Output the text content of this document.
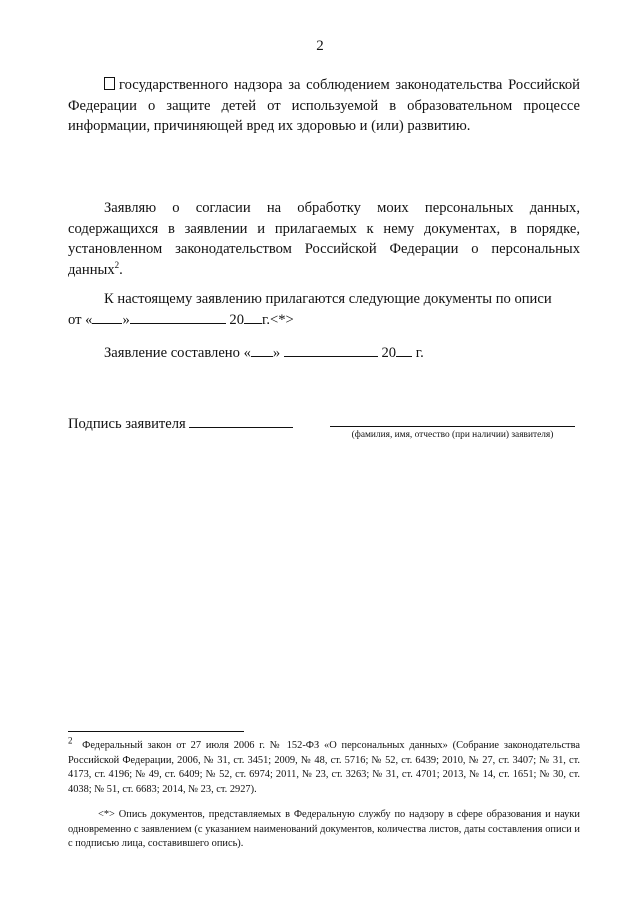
2
государственного надзора за соблюдением законодательства Российской Федерации о защите детей от используемой в образовательном процессе информации, причиняющей вред их здоровью и (или) развитию.
Заявляю о согласии на обработку моих персональных данных, содержащихся в заявлении и прилагаемых к нему документах, в порядке, установленном законодательством Российской Федерации о персональных данных$^2$.
К настоящему заявлению прилагаются следующие документы по описи
от « »	20 г.<*>
Заявление составлено « »	20 г.
Подпись заявителя
(фамилия, имя, отчество (при наличии) заявителя)
$^2$ Федеральный закон от 27 июля 2006 г. № 152-ФЗ «О персональных данных» (Собрание законодательства Российской Федерации, 2006, № 31, ст. 3451; 2009, № 48, ст. 5716; № 52, ст. 6439; 2010, № 27, ст. 3407; № 31, ст. 4173, ст. 4196; № 49, ст. 6409; № 52, ст. 6974; 2011, № 23, ст. 3263; № 31, ст. 4701; 2013, № 14, ст. 1651; № 30, ст. 4038; № 51, ст. 6683; 2014, № 23, ст. 2927).
<*> Опись документов, представляемых в Федеральную службу по надзору в сфере образования и науки одновременно с заявлением (с указанием наименований документов, количества листов, даты составления описи и с подписью лица, составившего опись).
